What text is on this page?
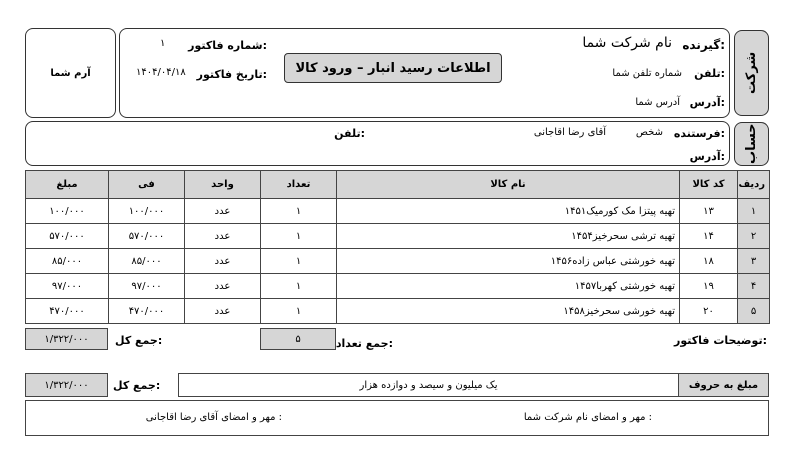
شرکت
آرم شما
گیرنده:
نام شرکت شما
تلفن:
شماره تلفن شما
آدرس:
آدرس شما
اطلاعات رسید انبار – ورود کالا
شماره فاکتور:
۱
تاریخ فاکتور:
۱۴۰۴/۰۴/۱۸
حساب
فرستنده:
شخص
آقای رضا اقاجانی
تلفن:
آدرس:
ردیف	کد کالا	نام کالا	تعداد	واحد	فی	مبلغ
۱	۱۳	تهیه پیتزا مک کورمیک۱۴۵۱	۱	عدد	۱۰۰/۰۰۰	۱۰۰/۰۰۰
۲	۱۴	تهیه ترشی سحرخیز۱۴۵۴	۱	عدد	۵۷۰/۰۰۰	۵۷۰/۰۰۰
۳	۱۸	تهیه خورشتی عباس زاده۱۴۵۶	۱	عدد	۸۵/۰۰۰	۸۵/۰۰۰
۴	۱۹	تهیه خورشتی کهربا۱۴۵۷	۱	عدد	۹۷/۰۰۰	۹۷/۰۰۰
۵	۲۰	تهیه خورشی سحرخیز۱۴۵۸	۱	عدد	۴۷۰/۰۰۰	۴۷۰/۰۰۰
توضیحات فاکتور:
جمع تعداد:
۵
جمع کل:
۱/۳۲۲/۰۰۰
مبلغ به حروف
یک میلیون و سیصد و دوازده هزار
جمع کل:
۱/۳۲۲/۰۰۰
مهر و امضای نام شرکت شما :
مهر و امضای آقای رضا اقاجانی :
